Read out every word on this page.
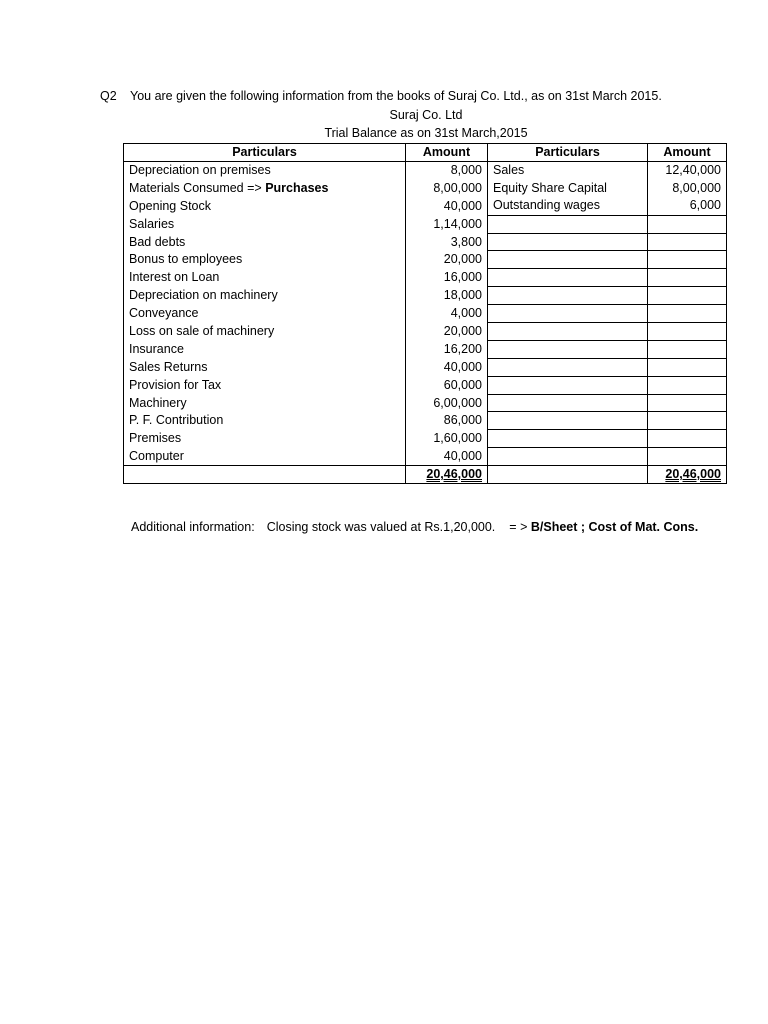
Q2 You are given the following information from the books of Suraj Co. Ltd., as on 31st March 2015.
Suraj Co. Ltd
Trial Balance as on 31st March,2015
Particulars	Amount	Particulars	Amount
Depreciation on premises	8,000	Sales	12,40,000
Materials Consumed => Purchases	8,00,000	Equity Share Capital	8,00,000
Opening Stock	40,000	Outstanding wages	6,000
Salaries	1,14,000		
Bad debts	3,800		
Bonus to employees	20,000		
Interest on Loan	16,000		
Depreciation on machinery	18,000		
Conveyance	4,000		
Loss on sale of machinery	20,000		
Insurance	16,200		
Sales Returns	40,000		
Provision for Tax	60,000		
Machinery	6,00,000		
P. F. Contribution	86,000		
Premises	1,60,000		
Computer	40,000		
	20,46,000		20,46,000
Additional information: Closing stock was valued at Rs.1,20,000. = > B/Sheet ; Cost of Mat. Cons.
